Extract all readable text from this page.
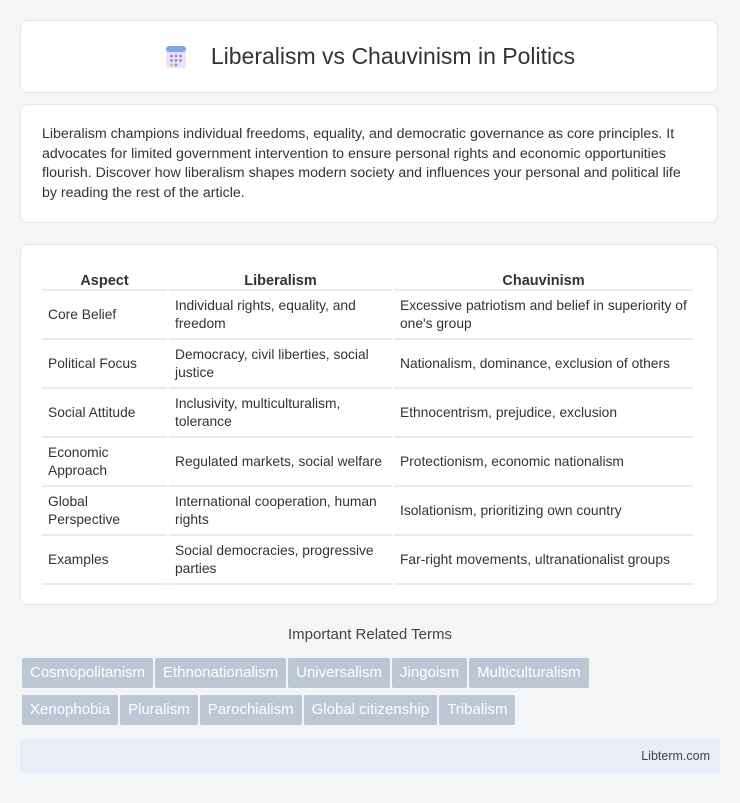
Liberalism vs Chauvinism in Politics

Liberalism champions individual freedoms, equality, and democratic governance as core principles. It advocates for limited government intervention to ensure personal rights and economic opportunities flourish. Discover how liberalism shapes modern society and influences your personal and political life by reading the rest of the article.

Aspect	Liberalism	Chauvinism
Core Belief	Individual rights, equality, and freedom	Excessive patriotism and belief in superiority of one's group
Political Focus	Democracy, civil liberties, social justice	Nationalism, dominance, exclusion of others
Social Attitude	Inclusivity, multiculturalism, tolerance	Ethnocentrism, prejudice, exclusion
Economic Approach	Regulated markets, social welfare	Protectionism, economic nationalism
Global Perspective	International cooperation, human rights	Isolationism, prioritizing own country
Examples	Social democracies, progressive parties	Far-right movements, ultranationalist groups
Important Related Terms
Cosmopolitanism Ethnonationalism Universalism Jingoism Multiculturalism
Xenophobia Pluralism Parochialism Global citizenship Tribalism
Libterm.com
